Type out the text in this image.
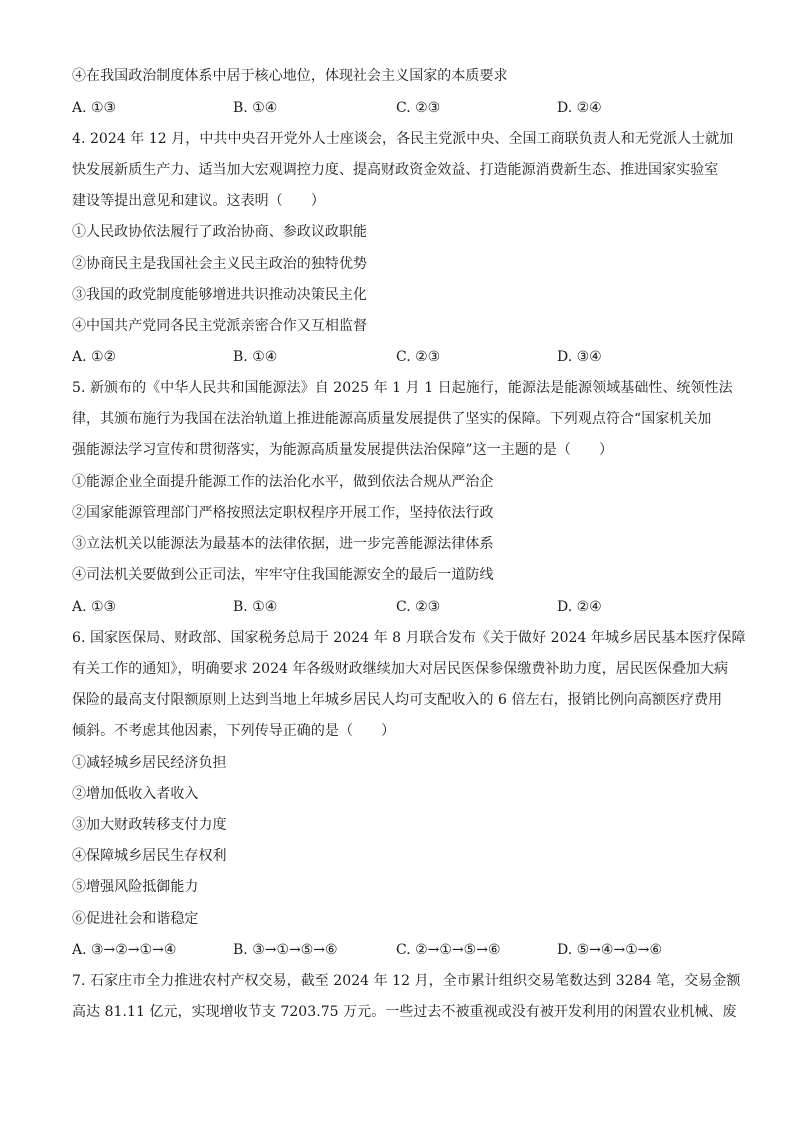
④在我国政治制度体系中居于核心地位，体现社会主义国家的本质要求
A. ①③	B. ①④	C. ②③	D. ②④
4. 2024 年 12 月，中共中央召开党外人士座谈会，各民主党派中央、全国工商联负责人和无党派人士就加
快发展新质生产力、适当加大宏观调控力度、提高财政资金效益、打造能源消费新生态、推进国家实验室
建设等提出意见和建议。这表明（　　）
①人民政协依法履行了政治协商、参政议政职能
②协商民主是我国社会主义民主政治的独特优势
③我国的政党制度能够增进共识推动决策民主化
④中国共产党同各民主党派亲密合作又互相监督
A. ①②	B. ①④	C. ②③	D. ③④
5. 新颁布的《中华人民共和国能源法》自 2025 年 1 月 1 日起施行，能源法是能源领域基础性、统领性法
律，其颁布施行为我国在法治轨道上推进能源高质量发展提供了坚实的保障。下列观点符合“国家机关加
强能源法学习宣传和贯彻落实，为能源高质量发展提供法治保障”这一主题的是（　　）
①能源企业全面提升能源工作的法治化水平，做到依法合规从严治企
②国家能源管理部门严格按照法定职权程序开展工作，坚持依法行政
③立法机关以能源法为最基本的法律依据，进一步完善能源法律体系
④司法机关要做到公正司法，牢牢守住我国能源安全的最后一道防线
A. ①③	B. ①④	C. ②③	D. ②④
6. 国家医保局、财政部、国家税务总局于 2024 年 8 月联合发布《关于做好 2024 年城乡居民基本医疗保障
有关工作的通知》，明确要求 2024 年各级财政继续加大对居民医保参保缴费补助力度，居民医保叠加大病
保险的最高支付限额原则上达到当地上年城乡居民人均可支配收入的 6 倍左右，报销比例向高额医疗费用
倾斜。不考虑其他因素，下列传导正确的是（　　）
①减轻城乡居民经济负担
②增加低收入者收入
③加大财政转移支付力度
④保障城乡居民生存权利
⑤增强风险抵御能力
⑥促进社会和谐稳定
A. ③→②→①→④	B. ③→①→⑤→⑥	C. ②→①→⑤→⑥	D. ⑤→④→①→⑥
7. 石家庄市全力推进农村产权交易，截至 2024 年 12 月，全市累计组织交易笔数达到 3284 笔，交易金额
高达 81.11 亿元，实现增收节支 7203.75 万元。一些过去不被重视或没有被开发利用的闲置农业机械、废
